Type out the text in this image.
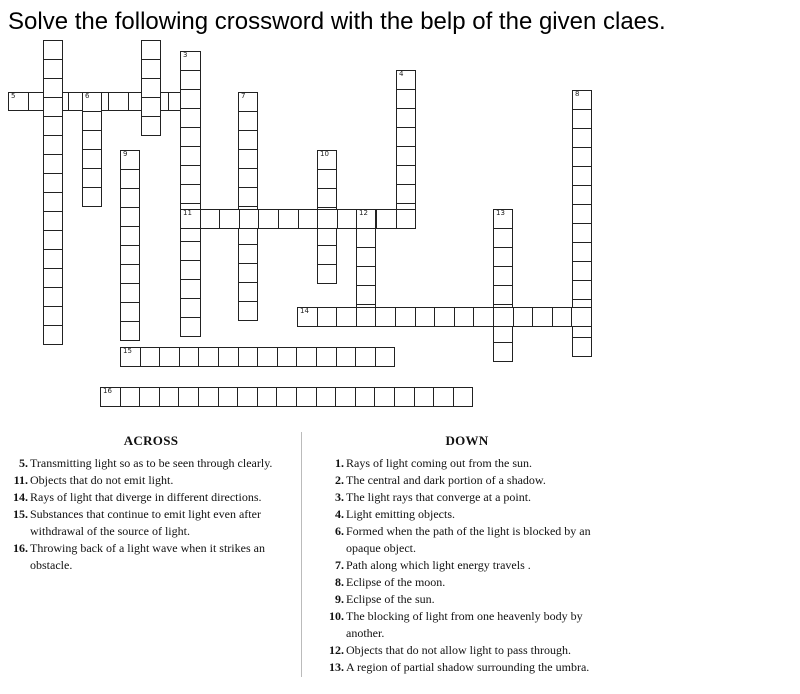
Solve the following crossword with the belp of the given claes.
5	6
3
7
4
8
9	10
11	12	13
14
15
16
ACROSS
5. Transmitting light so as to be seen through clearly.
11. Objects that do not emit light.
14. Rays of light that diverge in different directions.
15. Substances that continue to emit light even after withdrawal of the source of light.
16. Throwing back of a light wave when it strikes an obstacle.
DOWN
1. Rays of light coming out from the sun.
2. The central and dark portion of a shadow.
3. The light rays that converge at a point.
4. Light emitting objects.
6. Formed when the path of the light is blocked by an opaque object.
7. Path along which light energy travels .
8. Eclipse of the moon.
9. Eclipse of the sun.
10. The blocking of light from one heavenly body by another.
12. Objects that do not allow light to pass through.
13. A region of partial shadow surrounding the umbra.
